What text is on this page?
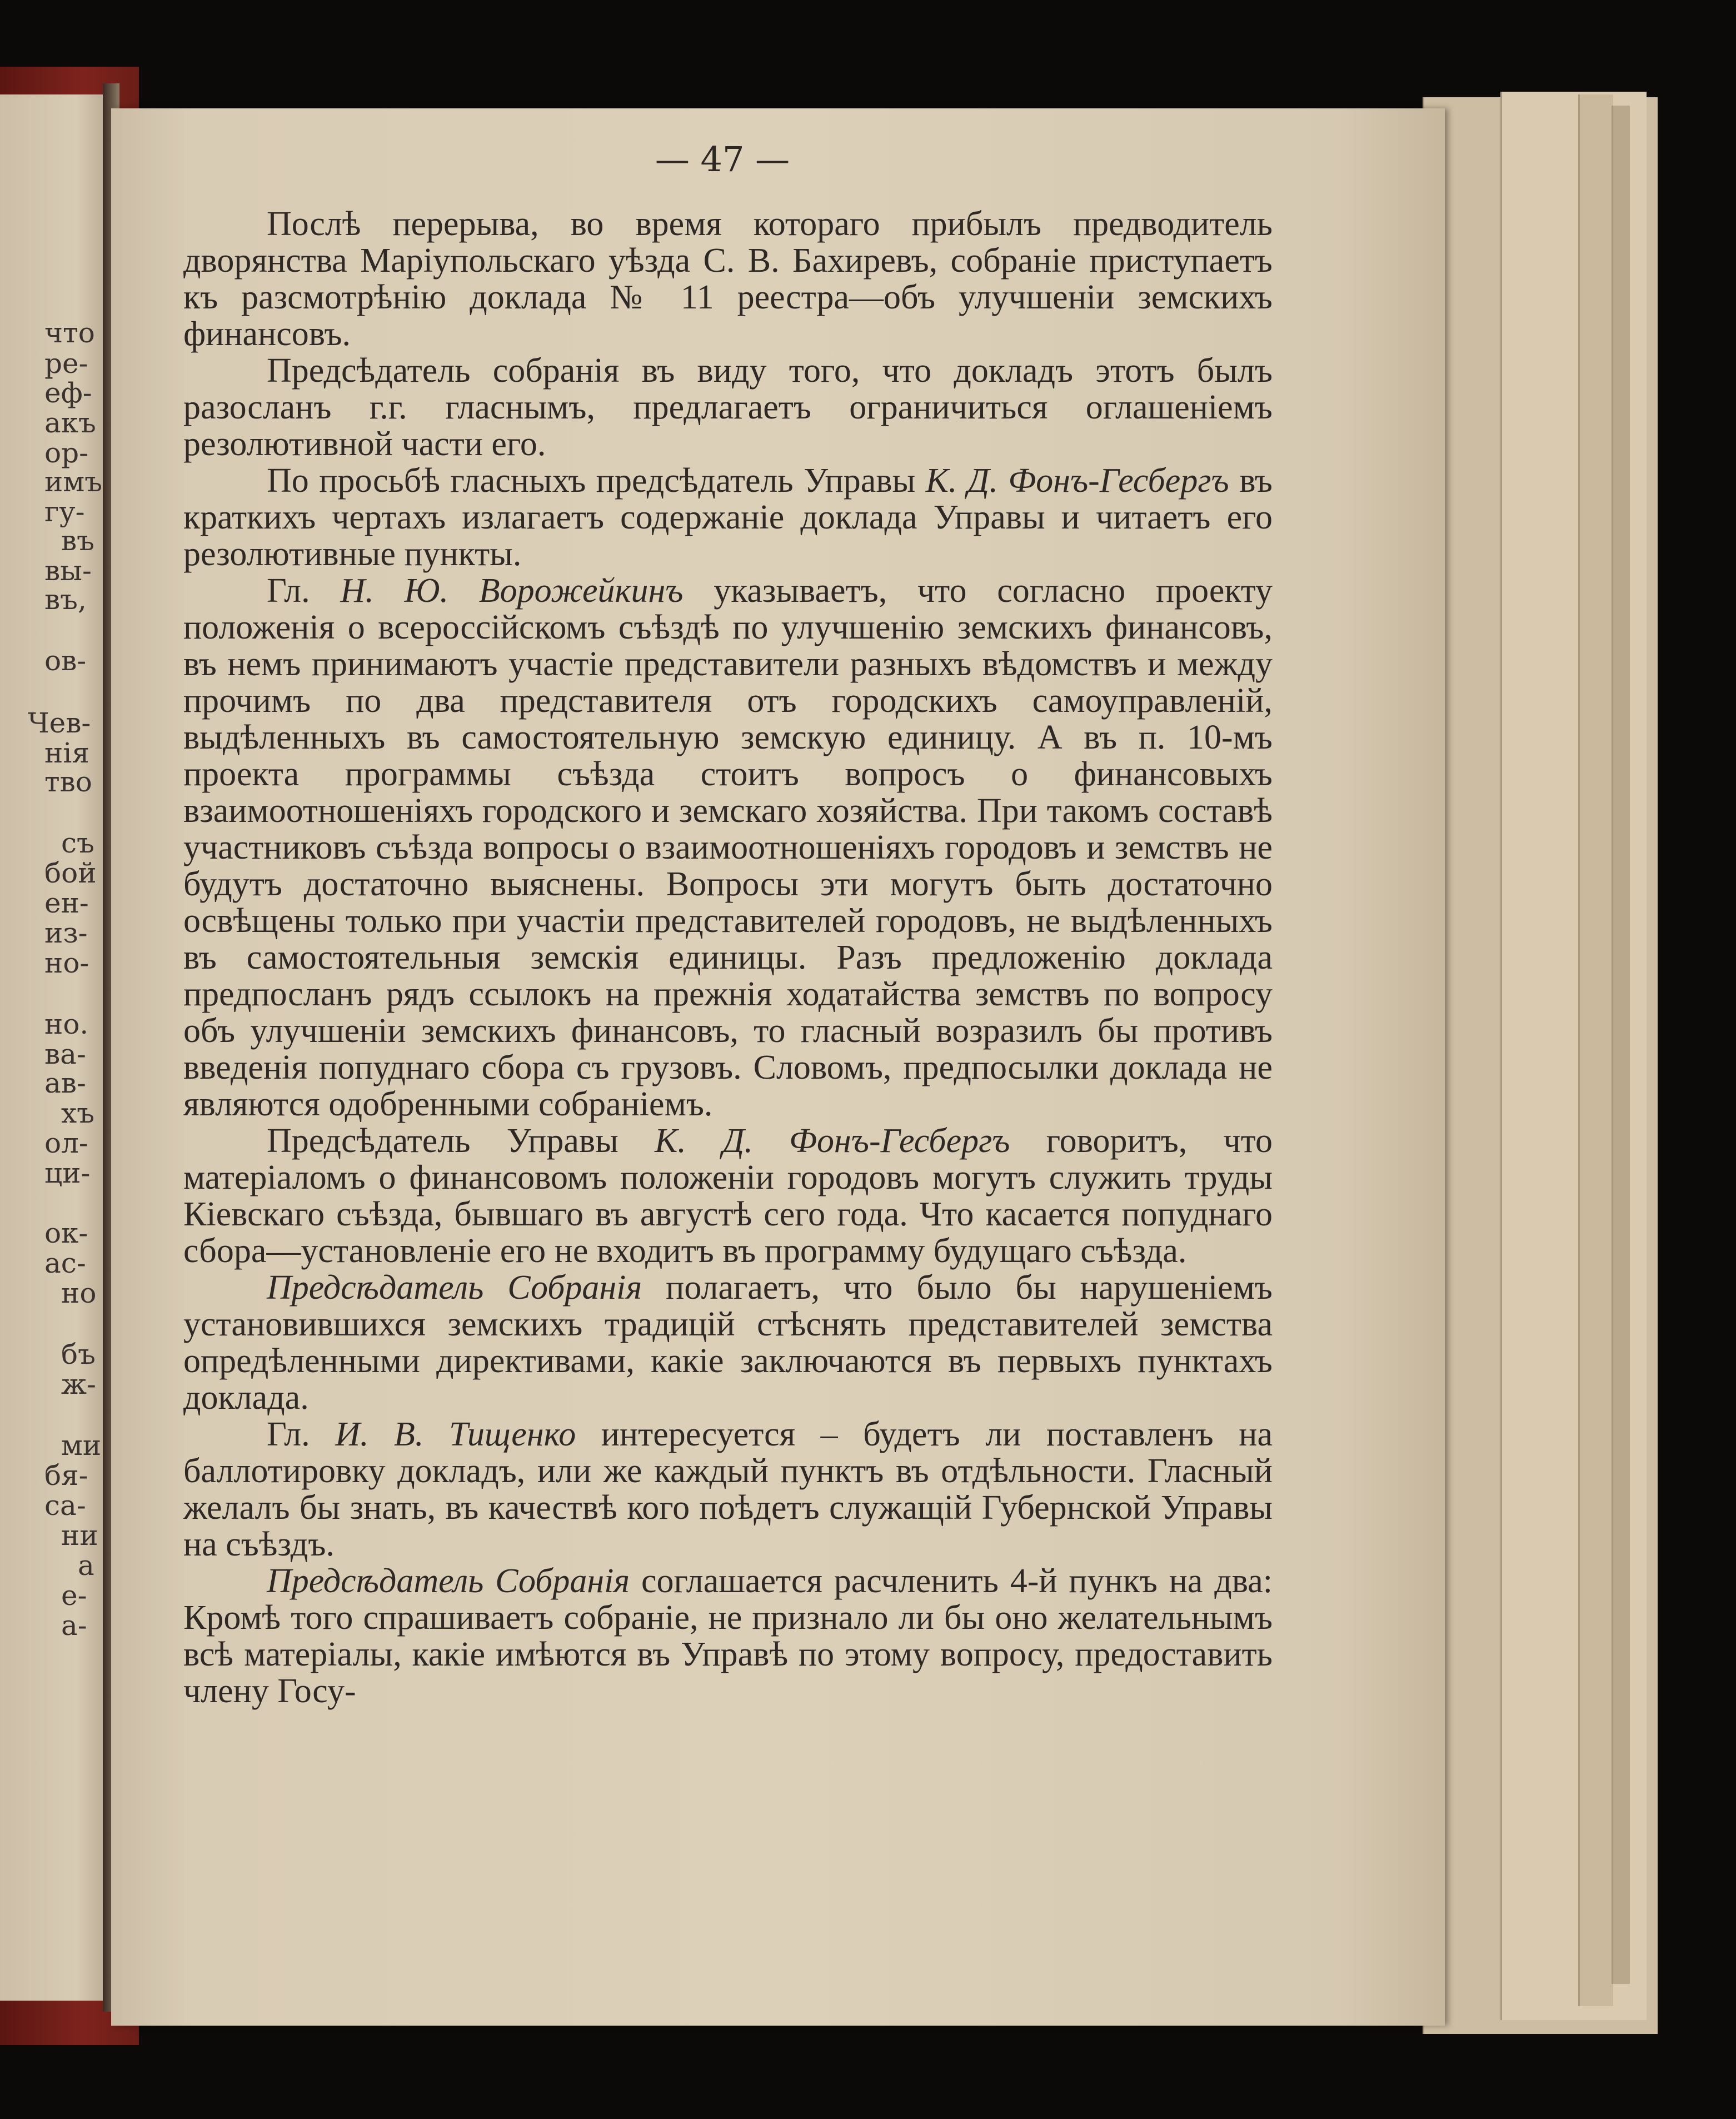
что
ре-
еф-
акъ
ор-
имъ
гу-
въ
вы-
въ,
ов-
Чев-
нія
тво
съ
бой
ен-
из-
но-
но.
ва-
ав-
хъ
ол-
ци-
ок-
ас-
но
бъ
ж-
ми
бя-
са-
ни
а
е-
а-
— 47 —

Послѣ перерыва, во время котораго прибылъ предводитель дворянства Маріупольскаго уѣзда С. В. Бахиревъ, собраніе приступаетъ къ разсмотрѣнію доклада № 11 реестра—объ улучшеніи земскихъ финансовъ.

Предсѣдатель собранія въ виду того, что докладъ этотъ былъ разосланъ г.г. гласнымъ, предлагаетъ ограничиться оглашеніемъ резолютивной части его.

По просьбѣ гласныхъ предсѣдатель Управы К. Д. Фонъ-Гесбергъ въ краткихъ чертахъ излагаетъ содержаніе доклада Управы и читаетъ его резолютивные пункты.

Гл. Н. Ю. Ворожейкинъ указываетъ, что согласно проекту положенія о всероссійскомъ съѣздѣ по улучшенію земскихъ финансовъ, въ немъ принимаютъ участіе представители разныхъ вѣдомствъ и между прочимъ по два представителя отъ городскихъ самоуправленій, выдѣленныхъ въ самостоятельную земскую единицу. А въ п. 10-мъ проекта программы съѣзда стоитъ вопросъ о финансовыхъ взаимоотношеніяхъ городского и земскаго хозяйства. При такомъ составѣ участниковъ съѣзда вопросы о взаимоотношеніяхъ городовъ и земствъ не будутъ достаточно выяснены. Вопросы эти могутъ быть достаточно освѣщены только при участіи представителей городовъ, не выдѣленныхъ въ самостоятельныя земскія единицы. Разъ предложенію доклада предпосланъ рядъ ссылокъ на прежнія ходатайства земствъ по вопросу объ улучшеніи земскихъ финансовъ, то гласный возразилъ бы противъ введенія попуднаго сбора съ грузовъ. Словомъ, предпосылки доклада не являются одобренными собраніемъ.

Предсѣдатель Управы К. Д. Фонъ-Гесбергъ говоритъ, что матеріаломъ о финансовомъ положеніи городовъ могутъ служить труды Кіевскаго съѣзда, бывшаго въ августѣ сего года. Что касается попуднаго сбора—установленіе его не входитъ въ программу будущаго съѣзда.

Предсѣдатель Собранія полагаетъ, что было бы нарушеніемъ установившихся земскихъ традицій стѣснять представителей земства опредѣленными директивами, какіе заключаются въ первыхъ пунктахъ доклада.

Гл. И. В. Тищенко интересуется – будетъ ли поставленъ на баллотировку докладъ, или же каждый пунктъ въ отдѣльности. Гласный желалъ бы знать, въ качествѣ кого поѣдетъ служащій Губернской Управы на съѣздъ.

Предсѣдатель Собранія соглашается расчленить 4-й пункъ на два: Кромѣ того спрашиваетъ собраніе, не признало ли бы оно желательнымъ всѣ матеріалы, какіе имѣются въ Управѣ по этому вопросу, предоставить члену Госу-
